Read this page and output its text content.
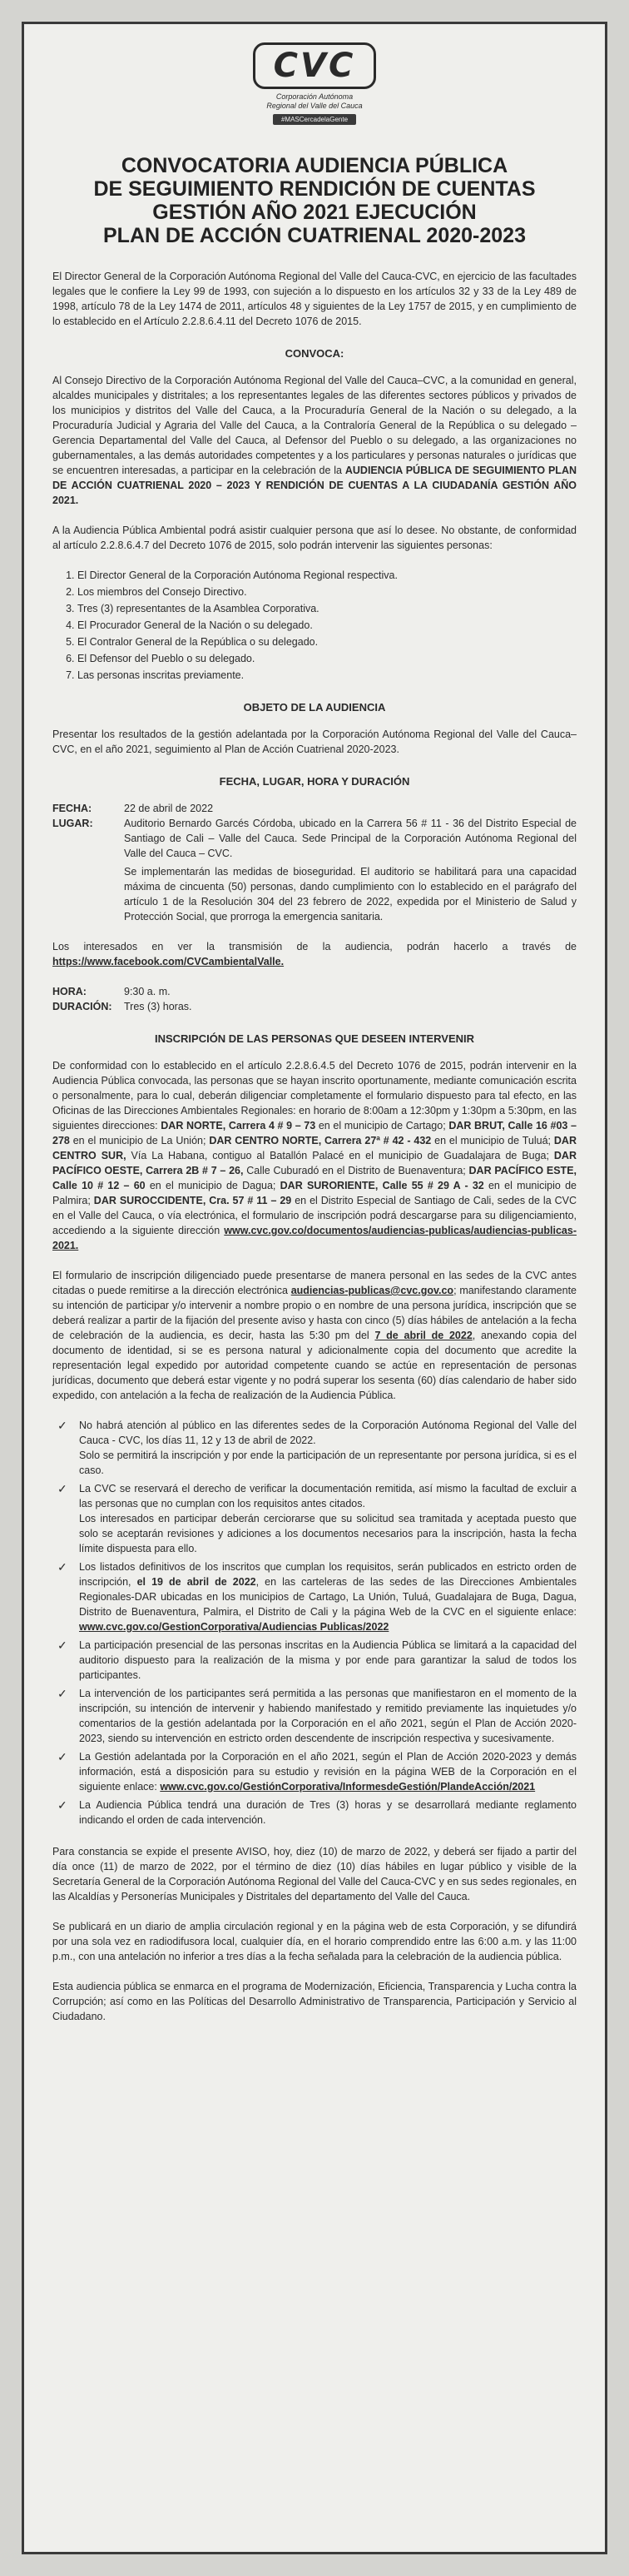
CVC
Corporación Autónoma
Regional del Valle del Cauca
#MASCercadelaGente
CONVOCATORIA AUDIENCIA PÚBLICA
DE SEGUIMIENTO RENDICIÓN DE CUENTAS
GESTIÓN AÑO 2021 EJECUCIÓN
PLAN DE ACCIÓN CUATRIENAL 2020-2023

El Director General de la Corporación Autónoma Regional del Valle del Cauca-CVC, en ejercicio de las facultades legales que le confiere la Ley 99 de 1993, con sujeción a lo dispuesto en los artículos 32 y 33 de la Ley 489 de 1998, artículo 78 de la Ley 1474 de 2011, artículos 48 y siguientes de la Ley 1757 de 2015, y en cumplimiento de lo establecido en el Artículo 2.2.8.6.4.11 del Decreto 1076 de 2015.

CONVOCA:

Al Consejo Directivo de la Corporación Autónoma Regional del Valle del Cauca–CVC, a la comunidad en general, alcaldes municipales y distritales; a los representantes legales de las diferentes sectores públicos y privados de los municipios y distritos del Valle del Cauca, a la Procuraduría General de la Nación o su delegado, a la Procuraduría Judicial y Agraria del Valle del Cauca, a la Contraloría General de la República o su delegado – Gerencia Departamental del Valle del Cauca, al Defensor del Pueblo o su delegado, a las organizaciones no gubernamentales, a las demás autoridades competentes y a los particulares y personas naturales o jurídicas que se encuentren interesadas, a participar en la celebración de la AUDIENCIA PÚBLICA DE SEGUIMIENTO PLAN DE ACCIÓN CUATRIENAL 2020 – 2023 Y RENDICIÓN DE CUENTAS A LA CIUDADANÍA GESTIÓN AÑO 2021.

A la Audiencia Pública Ambiental podrá asistir cualquier persona que así lo desee. No obstante, de conformidad al artículo 2.2.8.6.4.7 del Decreto 1076 de 2015, solo podrán intervenir las siguientes personas:

1. El Director General de la Corporación Autónoma Regional respectiva.
2. Los miembros del Consejo Directivo.
3. Tres (3) representantes de la Asamblea Corporativa.
4. El Procurador General de la Nación o su delegado.
5. El Contralor General de la República o su delegado.
6. El Defensor del Pueblo o su delegado.
7. Las personas inscritas previamente.
OBJETO DE LA AUDIENCIA

Presentar los resultados de la gestión adelantada por la Corporación Autónoma Regional del Valle del Cauca–CVC, en el año 2021, seguimiento al Plan de Acción Cuatrienal 2020-2023.

FECHA, LUGAR, HORA Y DURACIÓN
FECHA:	22 de abril de 2022
LUGAR:	Auditorio Bernardo Garcés Córdoba, ubicado en la Carrera 56 # 11 - 36 del Distrito Especial de Santiago de Cali – Valle del Cauca. Sede Principal de la Corporación Autónoma Regional del Valle del Cauca – CVC.
Se implementarán las medidas de bioseguridad. El auditorio se habilitará para una capacidad máxima de cincuenta (50) personas, dando cumplimiento con lo establecido en el parágrafo del artículo 1 de la Resolución 304 del 23 febrero de 2022, expedida por el Ministerio de Salud y Protección Social, que prorroga la emergencia sanitaria.

Los interesados en ver la transmisión de la audiencia, podrán hacerlo a través de https://www.facebook.com/CVCambientalValle.

HORA:	9:30 a. m.
DURACIÓN:	Tres (3) horas.
INSCRIPCIÓN DE LAS PERSONAS QUE DESEEN INTERVENIR

De conformidad con lo establecido en el artículo 2.2.8.6.4.5 del Decreto 1076 de 2015, podrán intervenir en la Audiencia Pública convocada, las personas que se hayan inscrito oportunamente, mediante comunicación escrita o personalmente, para lo cual, deberán diligenciar completamente el formulario dispuesto para tal efecto, en las Oficinas de las Direcciones Ambientales Regionales: en horario de 8:00am a 12:30pm y 1:30pm a 5:30pm, en las siguientes direcciones: DAR NORTE, Carrera 4 # 9 – 73 en el municipio de Cartago; DAR BRUT, Calle 16 #03 – 278 en el municipio de La Unión; DAR CENTRO NORTE, Carrera 27ª # 42 - 432 en el municipio de Tuluá; DAR CENTRO SUR, Vía La Habana, contiguo al Batallón Palacé en el municipio de Guadalajara de Buga; DAR PACÍFICO OESTE, Carrera 2B # 7 – 26, Calle Cuburadó en el Distrito de Buenaventura; DAR PACÍFICO ESTE, Calle 10 # 12 – 60 en el municipio de Dagua; DAR SURORIENTE, Calle 55 # 29 A - 32 en el municipio de Palmira; DAR SUROCCIDENTE, Cra. 57 # 11 – 29 en el Distrito Especial de Santiago de Cali, sedes de la CVC en el Valle del Cauca, o vía electrónica, el formulario de inscripción podrá descargarse para su diligenciamiento, accediendo a la siguiente dirección www.cvc.gov.co/documentos/audiencias-publicas/audiencias-publicas-2021.

El formulario de inscripción diligenciado puede presentarse de manera personal en las sedes de la CVC antes citadas o puede remitirse a la dirección electrónica audiencias-publicas@cvc.gov.co; manifestando claramente su intención de participar y/o intervenir a nombre propio o en nombre de una persona jurídica, inscripción que se deberá realizar a partir de la fijación del presente aviso y hasta con cinco (5) días hábiles de antelación a la fecha de celebración de la audiencia, es decir, hasta las 5:30 pm del 7 de abril de 2022, anexando copia del documento de identidad, si se es persona natural y adicionalmente copia del documento que acredite la representación legal expedido por autoridad competente cuando se actúe en representación de personas jurídicas, documento que deberá estar vigente y no podrá superar los sesenta (60) días calendario de haber sido expedido, con antelación a la fecha de realización de la Audiencia Pública.

✓ No habrá atención al público en las diferentes sedes de la Corporación Autónoma Regional del Valle del Cauca - CVC, los días 11, 12 y 13 de abril de 2022.
Solo se permitirá la inscripción y por ende la participación de un representante por persona jurídica, si es el caso.
✓ La CVC se reservará el derecho de verificar la documentación remitida, así mismo la facultad de excluir a las personas que no cumplan con los requisitos antes citados.
Los interesados en participar deberán cerciorarse que su solicitud sea tramitada y aceptada puesto que solo se aceptarán revisiones y adiciones a los documentos necesarios para la inscripción, hasta la fecha límite dispuesta para ello.
✓ Los listados definitivos de los inscritos que cumplan los requisitos, serán publicados en estricto orden de inscripción, el 19 de abril de 2022, en las carteleras de las sedes de las Direcciones Ambientales Regionales-DAR ubicadas en los municipios de Cartago, La Unión, Tuluá, Guadalajara de Buga, Dagua, Distrito de Buenaventura, Palmira, el Distrito de Cali y la página Web de la CVC en el siguiente enlace: www.cvc.gov.co/GestionCorporativa/Audiencias Publicas/2022
✓ La participación presencial de las personas inscritas en la Audiencia Pública se limitará a la capacidad del auditorio dispuesto para la realización de la misma y por ende para garantizar la salud de todos los participantes.
✓ La intervención de los participantes será permitida a las personas que manifiestaron en el momento de la inscripción, su intención de intervenir y habiendo manifestado y remitido previamente las inquietudes y/o comentarios de la gestión adelantada por la Corporación en el año 2021, según el Plan de Acción 2020-2023, siendo su intervención en estricto orden descendente de inscripción respectiva y sucesivamente.
✓ La Gestión adelantada por la Corporación en el año 2021, según el Plan de Acción 2020-2023 y demás información, está a disposición para su estudio y revisión en la página WEB de la Corporación en el siguiente enlace: www.cvc.gov.co/GestiónCorporativa/InformesdeGestión/PlandeAcción/2021
✓ La Audiencia Pública tendrá una duración de Tres (3) horas y se desarrollará mediante reglamento indicando el orden de cada intervención.

Para constancia se expide el presente AVISO, hoy, diez (10) de marzo de 2022, y deberá ser fijado a partir del día once (11) de marzo de 2022, por el término de diez (10) días hábiles en lugar público y visible de la Secretaría General de la Corporación Autónoma Regional del Valle del Cauca-CVC y en sus sedes regionales, en las Alcaldías y Personerías Municipales y Distritales del departamento del Valle del Cauca.

Se publicará en un diario de amplia circulación regional y en la página web de esta Corporación, y se difundirá por una sola vez en radiodifusora local, cualquier día, en el horario comprendido entre las 6:00 a.m. y las 11:00 p.m., con una antelación no inferior a tres días a la fecha señalada para la celebración de la audiencia pública.

Esta audiencia pública se enmarca en el programa de Modernización, Eficiencia, Transparencia y Lucha contra la Corrupción; así como en las Políticas del Desarrollo Administrativo de Transparencia, Participación y Servicio al Ciudadano.
